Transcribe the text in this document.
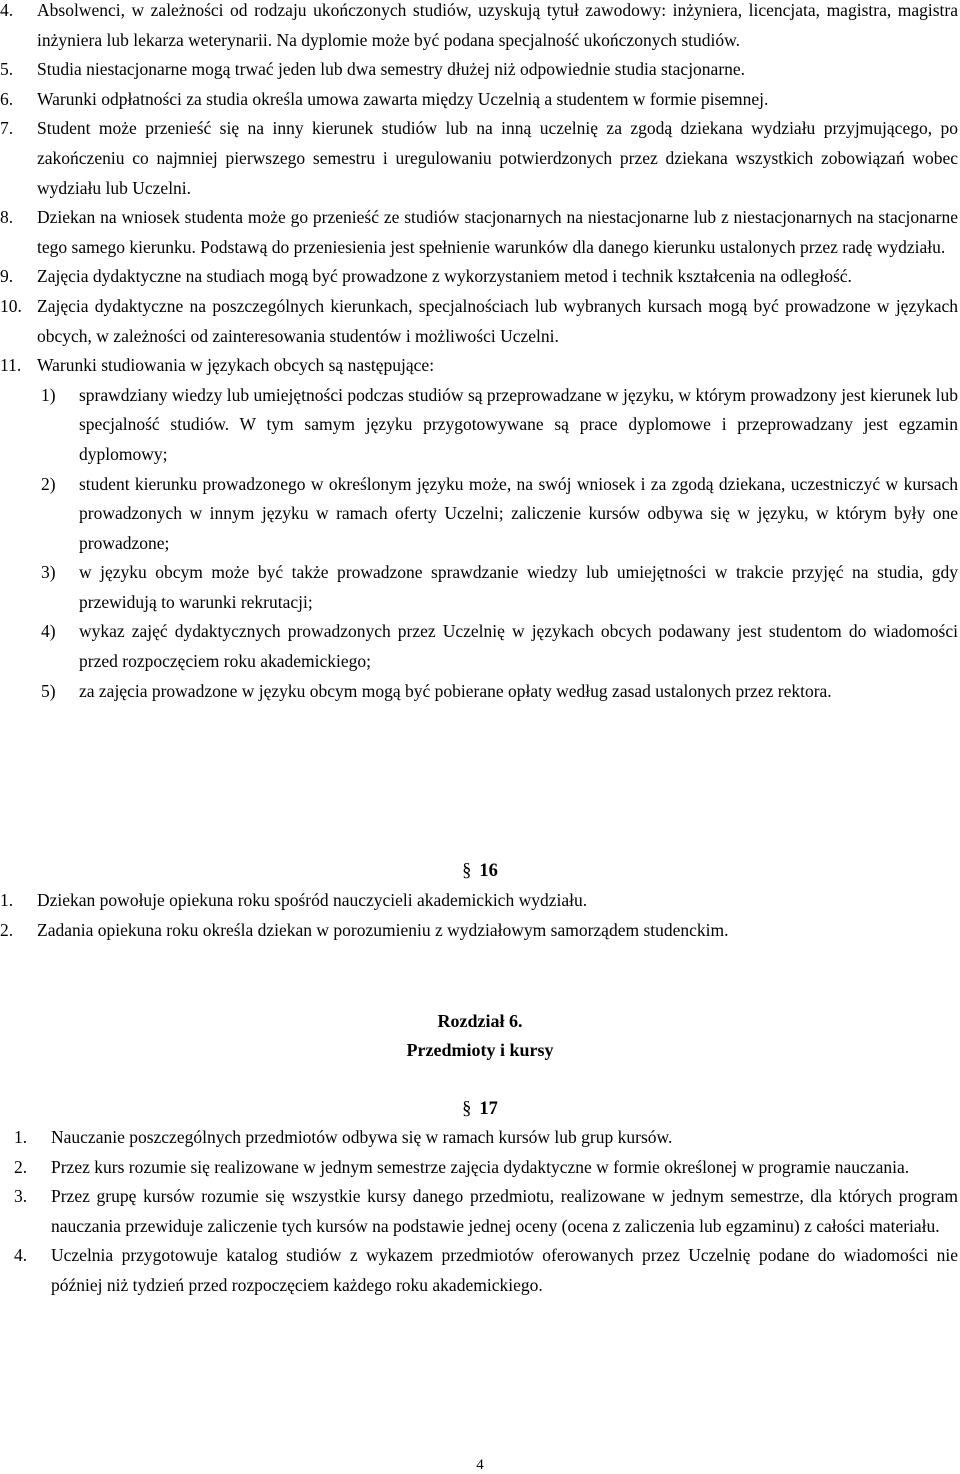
4.	Absolwenci, w zależności od rodzaju ukończonych studiów, uzyskują tytuł zawodowy: inżyniera, licencjata, magistra, magistra inżyniera lub lekarza weterynarii. Na dyplomie może być podana specjalność ukończonych studiów.
5.	Studia niestacjonarne mogą trwać jeden lub dwa semestry dłużej niż odpowiednie studia stacjonarne.
6.	Warunki odpłatności za studia określa umowa zawarta między Uczelnią a studentem w formie pisemnej.
7.	Student może przenieść się na inny kierunek studiów lub na inną uczelnię za zgodą dziekana wydziału przyjmującego, po zakończeniu co najmniej pierwszego semestru i uregulowaniu potwierdzonych przez dziekana wszystkich zobowiązań wobec wydziału lub Uczelni.
8.	Dziekan na wniosek studenta może go przenieść ze studiów stacjonarnych na niestacjonarne lub z niestacjonarnych na stacjonarne tego samego kierunku. Podstawą do przeniesienia jest spełnienie warunków dla danego kierunku ustalonych przez radę wydziału.
9.	Zajęcia dydaktyczne na studiach mogą być prowadzone z wykorzystaniem metod i technik kształcenia na odległość.
10. Zajęcia dydaktyczne na poszczególnych kierunkach, specjalnościach lub wybranych kursach mogą być prowadzone w językach obcych, w zależności od zainteresowania studentów i możliwości Uczelni.
11. Warunki studiowania w językach obcych są następujące:
1)	sprawdziany wiedzy lub umiejętności podczas studiów są przeprowadzane w języku, w którym prowadzony jest kierunek lub specjalność studiów. W tym samym języku przygotowywane są prace dyplomowe i przeprowadzany jest egzamin dyplomowy;
2)	student kierunku prowadzonego w określonym języku może, na swój wniosek i za zgodą dziekana, uczestniczyć w kursach prowadzonych w innym języku w ramach oferty Uczelni; zaliczenie kursów odbywa się w języku, w którym były one prowadzone;
3)	w języku obcym może być także prowadzone sprawdzanie wiedzy lub umiejętności w trakcie przyjęć na studia, gdy przewidują to warunki rekrutacji;
4)	wykaz zajęć dydaktycznych prowadzonych przez Uczelnię w językach obcych podawany jest studentom do wiadomości przed rozpoczęciem roku akademickiego;
5)	za zajęcia prowadzone w języku obcym mogą być pobierane opłaty według zasad ustalonych przez rektora.
§ 16
1.	Dziekan powołuje opiekuna roku spośród nauczycieli akademickich wydziału.
2.	Zadania opiekuna roku określa dziekan w porozumieniu z wydziałowym samorządem studenckim.
Rozdział 6.
Przedmioty i kursy
§ 17
1.	Nauczanie poszczególnych przedmiotów odbywa się w ramach kursów lub grup kursów.
2.	Przez kurs rozumie się realizowane w jednym semestrze zajęcia dydaktyczne w formie określonej w programie nauczania.
3.	Przez grupę kursów rozumie się wszystkie kursy danego przedmiotu, realizowane w jednym semestrze, dla których program nauczania przewiduje zaliczenie tych kursów na podstawie jednej oceny (ocena z zaliczenia lub egzaminu) z całości materiału.
4.	Uczelnia przygotowuje katalog studiów z wykazem przedmiotów oferowanych przez Uczelnię podane do wiadomości nie później niż tydzień przed rozpoczęciem każdego roku akademickiego.
4
